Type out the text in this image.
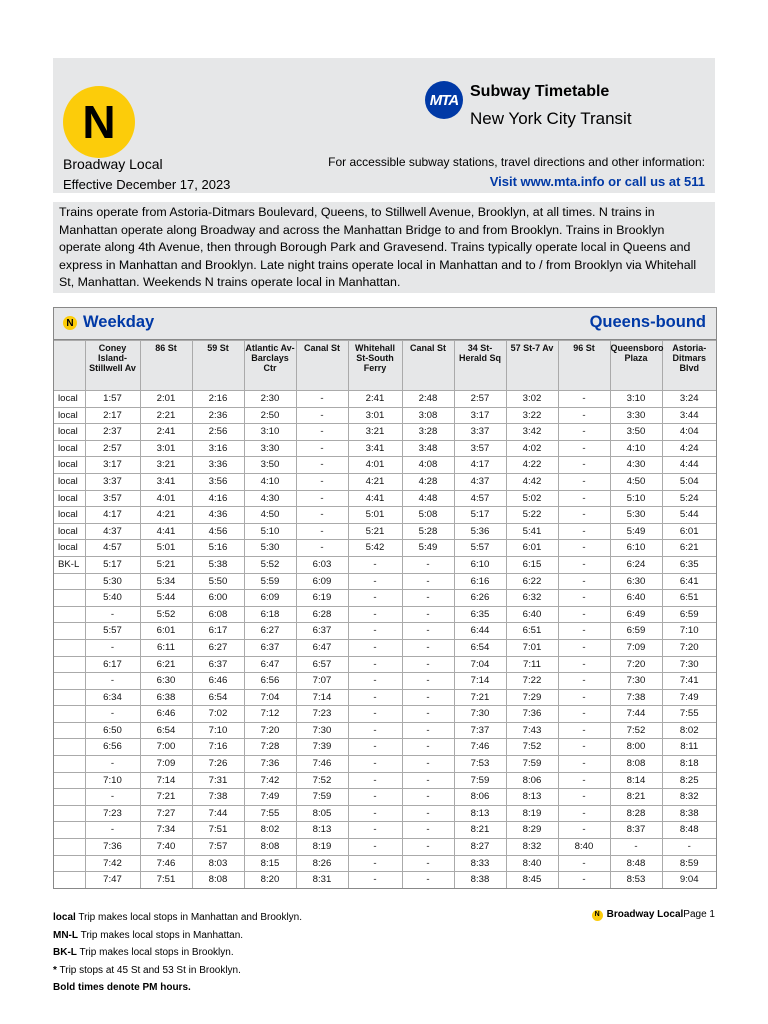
N
Broadway Local
Effective December 17, 2023
MTA Subway Timetable
New York City Transit
For accessible subway stations, travel directions and other information:
Visit www.mta.info or call us at 511
Trains operate from Astoria-Ditmars Boulevard, Queens, to Stillwell Avenue, Brooklyn, at all times. N trains in Manhattan operate along Broadway and across the Manhattan Bridge to and from Brooklyn. Trains in Brooklyn operate along 4th Avenue, then through Borough Park and Gravesend. Trains typically operate local in Queens and express in Manhattan and Brooklyn. Late night trains operate local in Manhattan and to / from Brooklyn via Whitehall St, Manhattan. Weekends N trains operate local in Manhattan.
N Weekday	Queens-bound
	Coney Island-Stillwell Av	86 St	59 St	Atlantic Av-Barclays Ctr	Canal St	Whitehall St-South Ferry	Canal St	34 St-Herald Sq	57 St-7 Av	96 St	Queensboro Plaza	Astoria-Ditmars Blvd
local	1:57	2:01	2:16	2:30	-	2:41	2:48	2:57	3:02	-	3:10	3:24
local	2:17	2:21	2:36	2:50	-	3:01	3:08	3:17	3:22	-	3:30	3:44
local	2:37	2:41	2:56	3:10	-	3:21	3:28	3:37	3:42	-	3:50	4:04
local	2:57	3:01	3:16	3:30	-	3:41	3:48	3:57	4:02	-	4:10	4:24
local	3:17	3:21	3:36	3:50	-	4:01	4:08	4:17	4:22	-	4:30	4:44
local	3:37	3:41	3:56	4:10	-	4:21	4:28	4:37	4:42	-	4:50	5:04
local	3:57	4:01	4:16	4:30	-	4:41	4:48	4:57	5:02	-	5:10	5:24
local	4:17	4:21	4:36	4:50	-	5:01	5:08	5:17	5:22	-	5:30	5:44
local	4:37	4:41	4:56	5:10	-	5:21	5:28	5:36	5:41	-	5:49	6:01
local	4:57	5:01	5:16	5:30	-	5:42	5:49	5:57	6:01	-	6:10	6:21
BK-L	5:17	5:21	5:38	5:52	6:03	-	-	6:10	6:15	-	6:24	6:35
	5:30	5:34	5:50	5:59	6:09	-	-	6:16	6:22	-	6:30	6:41
	5:40	5:44	6:00	6:09	6:19	-	-	6:26	6:32	-	6:40	6:51
	-	5:52	6:08	6:18	6:28	-	-	6:35	6:40	-	6:49	6:59
	5:57	6:01	6:17	6:27	6:37	-	-	6:44	6:51	-	6:59	7:10
	-	6:11	6:27	6:37	6:47	-	-	6:54	7:01	-	7:09	7:20
	6:17	6:21	6:37	6:47	6:57	-	-	7:04	7:11	-	7:20	7:30
	-	6:30	6:46	6:56	7:07	-	-	7:14	7:22	-	7:30	7:41
	6:34	6:38	6:54	7:04	7:14	-	-	7:21	7:29	-	7:38	7:49
	-	6:46	7:02	7:12	7:23	-	-	7:30	7:36	-	7:44	7:55
	6:50	6:54	7:10	7:20	7:30	-	-	7:37	7:43	-	7:52	8:02
	6:56	7:00	7:16	7:28	7:39	-	-	7:46	7:52	-	8:00	8:11
	-	7:09	7:26	7:36	7:46	-	-	7:53	7:59	-	8:08	8:18
	7:10	7:14	7:31	7:42	7:52	-	-	7:59	8:06	-	8:14	8:25
	-	7:21	7:38	7:49	7:59	-	-	8:06	8:13	-	8:21	8:32
	7:23	7:27	7:44	7:55	8:05	-	-	8:13	8:19	-	8:28	8:38
	-	7:34	7:51	8:02	8:13	-	-	8:21	8:29	-	8:37	8:48
	7:36	7:40	7:57	8:08	8:19	-	-	8:27	8:32	8:40	-	-
	7:42	7:46	8:03	8:15	8:26	-	-	8:33	8:40	-	8:48	8:59
	7:47	7:51	8:08	8:20	8:31	-	-	8:38	8:45	-	8:53	9:04
local Trip makes local stops in Manhattan and Brooklyn.
MN-L Trip makes local stops in Manhattan.
BK-L Trip makes local stops in Brooklyn.
* Trip stops at 45 St and 53 St in Brooklyn.
Bold times denote PM hours.
N Broadway Local Page 1
